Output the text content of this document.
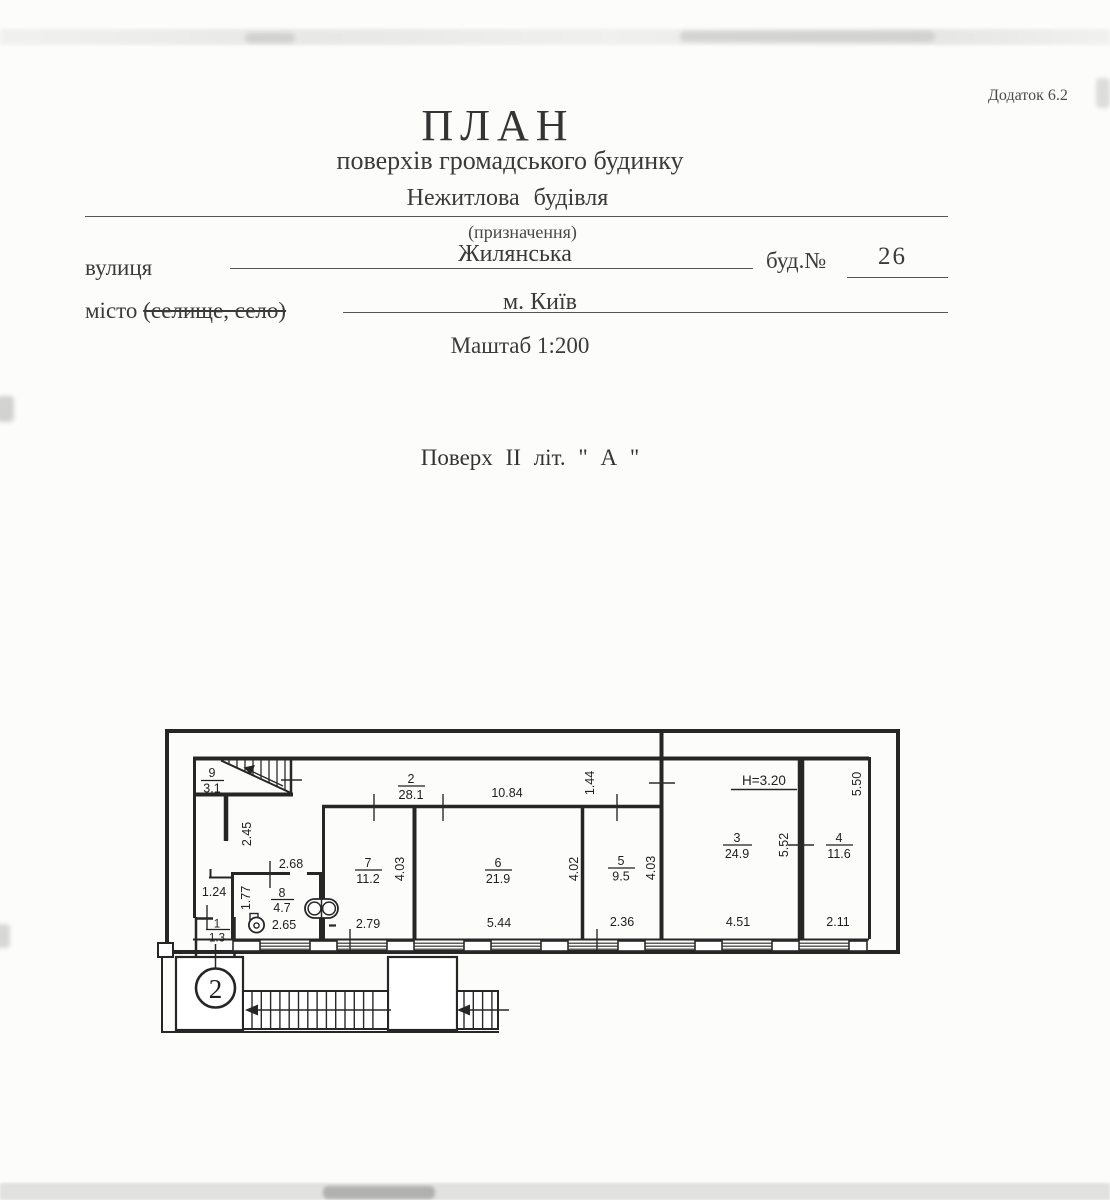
Додаток 6.2
ПЛАН
поверхів громадського будинку
Нежитлова будівля
(призначення)
Жилянська
вулиця	буд.№ 26
м. Київ
місто (селище, село)
Маштаб 1:200
Поверх II літ. " А "
2
9
3.1
2
28.1
7
11.2
8
4.7
6
21.9
5
9.5
3
24.9
4
11.6
1
1.3
10.84
2.68
1.24
2.65	2.79	5.44	2.36	4.51	2.11
H=3.20
2.45
1.77
4.03	4.02	4.03
1.44
5.52
5.50
